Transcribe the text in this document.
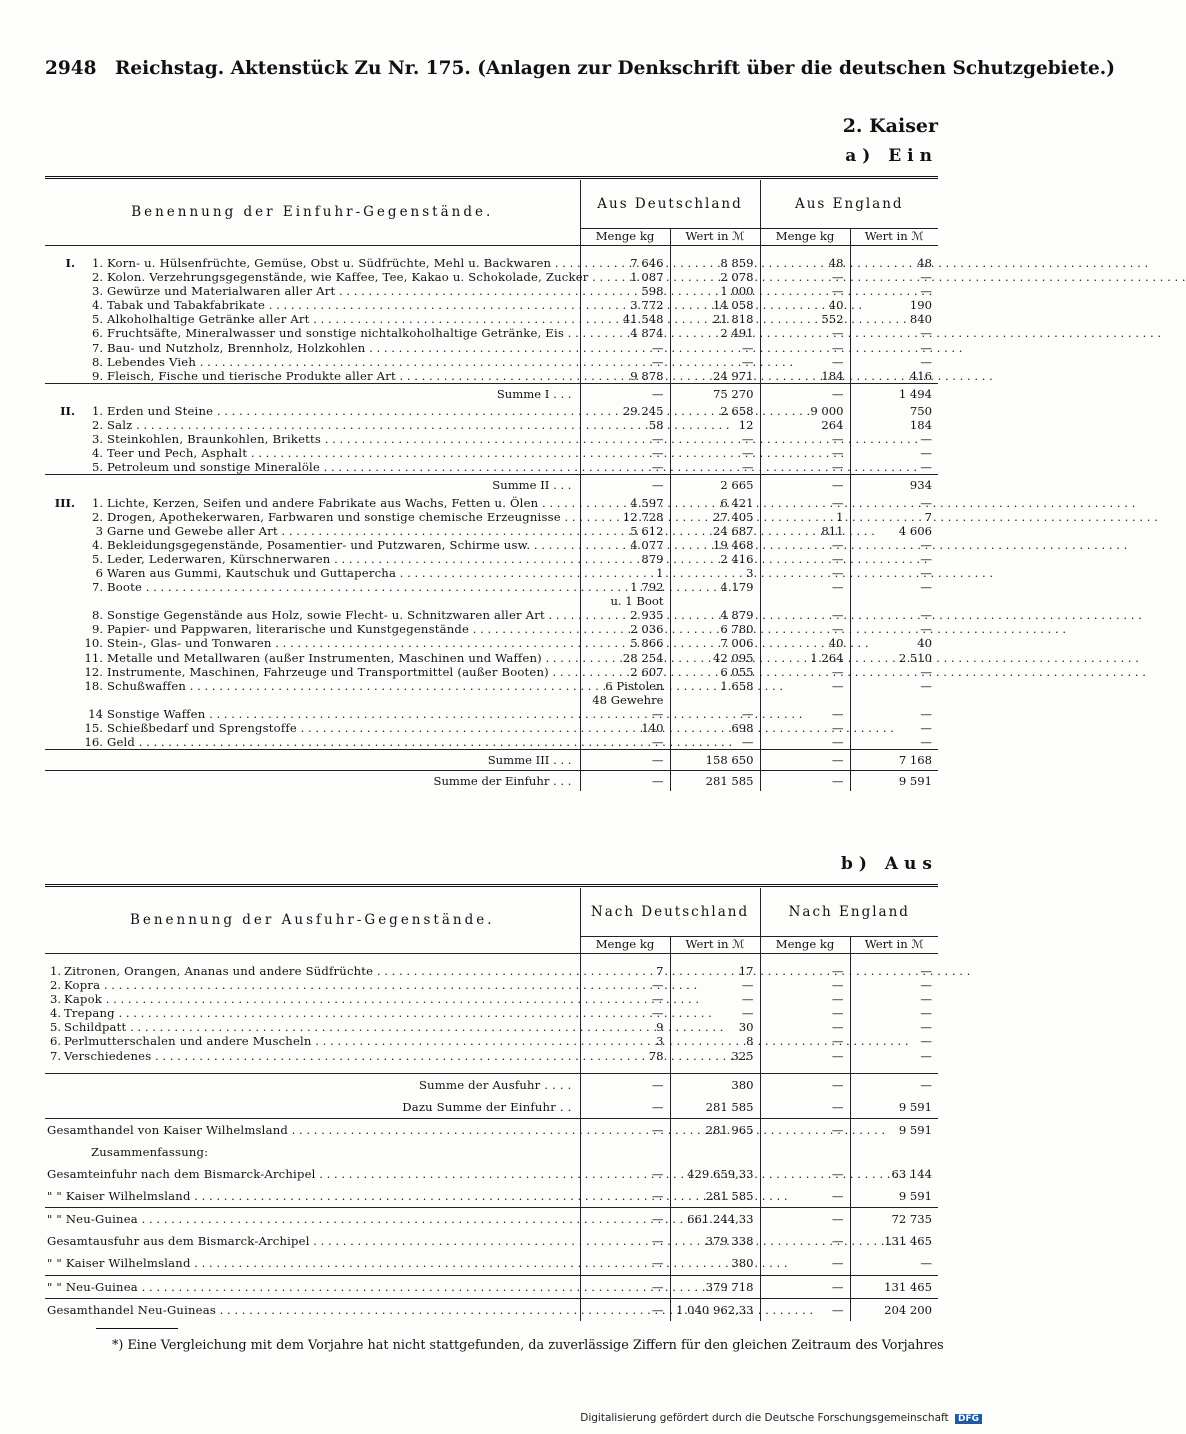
2948 Reichstag. Aktenstück Zu Nr. 175. (Anlagen zur Denkschrift über die deutschen Schutzgebiete.)
2. Kaiser
a) Ein
Benennung der Einfuhr-Gegenstände.	Aus Deutschland		Aus England	
	Menge kg	Wert in ℳ	Menge kg	Wert in ℳ

I. 1. Korn- u. Hülsenfrüchte, Gemüse, Obst u. Südfrüchte, Mehl u. Backwaren . . .	7 646	8 859	48	48
2. Kolon. Verzehrungsgegenstände, wie Kaffee, Tee, Kakao u. Schokolade, Zucker . . .	1 087	2 078	—	—
3. Gewürze und Materialwaren aller Art . . .	598	1 000	—	—
4. Tabak und Tabakfabrikate . . .	3 772	14 058	40	190
5. Alkoholhaltige Getränke aller Art . . .	41 548	21 818	552	840
6. Fruchtsäfte, Mineralwasser und sonstige nichtalkoholhaltige Getränke, Eis . . .	4 874	2 491	—	—
7. Bau- und Nutzholz, Brennholz, Holzkohlen . . .	—	—	—	—
8. Lebendes Vieh . . .	—	—	—	—
9. Fleisch, Fische und tierische Produkte aller Art . . .	9 878	24 971	184	416
Summe I . . .	—	75 270	—	1 494
II. 1. Erden und Steine . . .	29 245	2 658	9 000	750
2. Salz . . .	58	12	264	184
3. Steinkohlen, Braunkohlen, Briketts . . .	—	—	—	—
4. Teer und Pech, Asphalt . . .	—	—	—	—
5. Petroleum und sonstige Mineralöle . . .	—	—	—	—
Summe II . . .	—	2 665	—	934
III. 1. Lichte, Kerzen, Seifen und andere Fabrikate aus Wachs, Fetten u. Ölen . . .	4 597	6 421	—	—
2. Drogen, Apothekerwaren, Farbwaren und sonstige chemische Erzeugnisse . . .	12 728	27 405	1	7
3 Garne und Gewebe aller Art . . .	5 612	24 687	811	4 606
4. Bekleidungsgegenstände, Posamentier- und Putzwaren, Schirme usw. . . .	4 077	19 468	—	—
5. Leder, Lederwaren, Kürschnerwaren . . .	879	2 416	—	—
6 Waren aus Gummi, Kautschuk und Guttapercha . . .	1	3	—	—
7. Boote . . .	1 792	4 179	—	—
	u. 1 Boot			
8. Sonstige Gegenstände aus Holz, sowie Flecht- u. Schnitzwaren aller Art . . .	2 935	4 879	—	—
9. Papier- und Pappwaren, literarische und Kunstgegenstände . . .	2 036	6 780	—	—
10. Stein-, Glas- und Tonwaren . . .	5 866	7 006	40	40
11. Metalle und Metallwaren (außer Instrumenten, Maschinen und Waffen) . . .	28 254	42 095	1 264	2 510
12. Instrumente, Maschinen, Fahrzeuge und Transportmittel (außer Booten) . . .	2 607	6 055	—	—
18. Schußwaffen . . .	6 Pistolen	1 658	—	—
	48 Gewehre			
14 Sonstige Waffen . . .	—	—	—	—
15. Schießbedarf und Sprengstoffe . . .	140	698	—	—
16. Geld . . .	—	—	—	—
Summe III . . .	—	158 650	—	7 168
Summe der Einfuhr . . .	—	281 585	—	9 591
b) Aus
Benennung der Ausfuhr-Gegenstände.	Nach Deutschland		Nach England	
	Menge kg	Wert in ℳ	Menge kg	Wert in ℳ

1. Zitronen, Orangen, Ananas und andere Südfrüchte . . .	7	17	—	—
2. Kopra . . .	—	—	—	—
3. Kapok . . .	—	—	—	—
4. Trepang . . .	—	—	—	—
5. Schildpatt . . .	9	30	—	—
6. Perlmutterschalen und andere Muscheln . . .	3	8	—	—
7. Verschiedenes . . .	78	325	—	—

Summe der Ausfuhr . . . .	—	380	—	—
Dazu Summe der Einfuhr . .	—	281 585	—	9 591
Gesamthandel von Kaiser Wilhelmsland . . .	—	281 965	—	9 591
Zusammenfassung:				
Gesamteinfuhr nach dem Bismarck-Archipel . . .	—	429 659,33	—	63 144
" " Kaiser Wilhelmsland . . .	—	281 585	—	9 591
" " Neu-Guinea . . .	—	661 244,33	—	72 735
Gesamtausfuhr aus dem Bismarck-Archipel . . .	—	379 338	—	131 465
" " Kaiser Wilhelmsland . . .	—	380	—	—
" " Neu-Guinea . . .	—	379 718	—	131 465
Gesamthandel Neu-Guineas . . .	—	1 040 962,33	—	204 200
*) Eine Vergleichung mit dem Vorjahre hat nicht stattgefunden, da zuverlässige Ziffern für den gleichen Zeitraum des Vorjahres
Digitalisierung gefördert durch die Deutsche Forschungsgemeinschaft DFG
